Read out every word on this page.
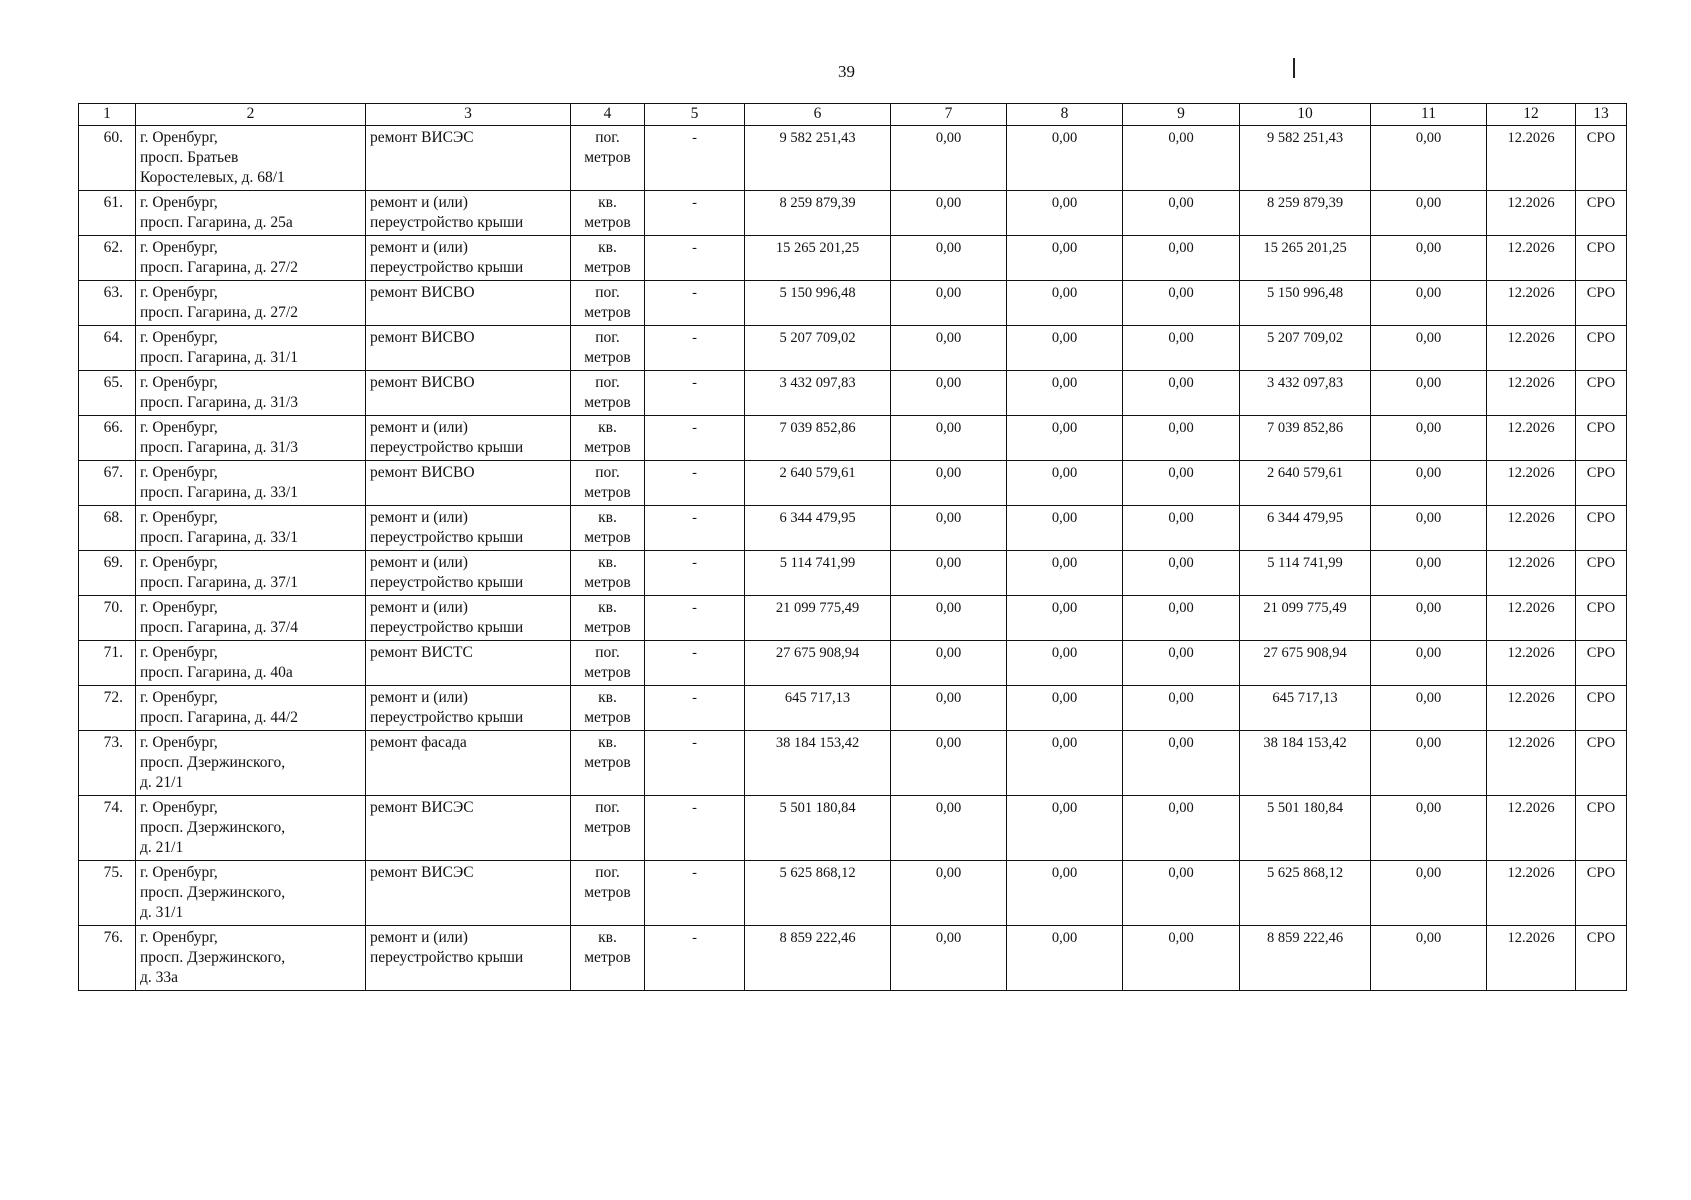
39
1	2	3	4	5	6	7	8	9	10	11	12	13
60.	г. Оренбург,
просп. Братьев
Коростелевых, д. 68/1	ремонт ВИСЭС	пог.
метров	-	9 582 251,43	0,00	0,00	0,00	9 582 251,43	0,00	12.2026	СРО
61.	г. Оренбург,
просп. Гагарина, д. 25а	ремонт и (или)
переустройство крыши	кв.
метров	-	8 259 879,39	0,00	0,00	0,00	8 259 879,39	0,00	12.2026	СРО
62.	г. Оренбург,
просп. Гагарина, д. 27/2	ремонт и (или)
переустройство крыши	кв.
метров	-	15 265 201,25	0,00	0,00	0,00	15 265 201,25	0,00	12.2026	СРО
63.	г. Оренбург,
просп. Гагарина, д. 27/2	ремонт ВИСВО	пог.
метров	-	5 150 996,48	0,00	0,00	0,00	5 150 996,48	0,00	12.2026	СРО
64.	г. Оренбург,
просп. Гагарина, д. 31/1	ремонт ВИСВО	пог.
метров	-	5 207 709,02	0,00	0,00	0,00	5 207 709,02	0,00	12.2026	СРО
65.	г. Оренбург,
просп. Гагарина, д. 31/3	ремонт ВИСВО	пог.
метров	-	3 432 097,83	0,00	0,00	0,00	3 432 097,83	0,00	12.2026	СРО
66.	г. Оренбург,
просп. Гагарина, д. 31/3	ремонт и (или)
переустройство крыши	кв.
метров	-	7 039 852,86	0,00	0,00	0,00	7 039 852,86	0,00	12.2026	СРО
67.	г. Оренбург,
просп. Гагарина, д. 33/1	ремонт ВИСВО	пог.
метров	-	2 640 579,61	0,00	0,00	0,00	2 640 579,61	0,00	12.2026	СРО
68.	г. Оренбург,
просп. Гагарина, д. 33/1	ремонт и (или)
переустройство крыши	кв.
метров	-	6 344 479,95	0,00	0,00	0,00	6 344 479,95	0,00	12.2026	СРО
69.	г. Оренбург,
просп. Гагарина, д. 37/1	ремонт и (или)
переустройство крыши	кв.
метров	-	5 114 741,99	0,00	0,00	0,00	5 114 741,99	0,00	12.2026	СРО
70.	г. Оренбург,
просп. Гагарина, д. 37/4	ремонт и (или)
переустройство крыши	кв.
метров	-	21 099 775,49	0,00	0,00	0,00	21 099 775,49	0,00	12.2026	СРО
71.	г. Оренбург,
просп. Гагарина, д. 40а	ремонт ВИСТС	пог.
метров	-	27 675 908,94	0,00	0,00	0,00	27 675 908,94	0,00	12.2026	СРО
72.	г. Оренбург,
просп. Гагарина, д. 44/2	ремонт и (или)
переустройство крыши	кв.
метров	-	645 717,13	0,00	0,00	0,00	645 717,13	0,00	12.2026	СРО
73.	г. Оренбург,
просп. Дзержинского,
д. 21/1	ремонт фасада	кв.
метров	-	38 184 153,42	0,00	0,00	0,00	38 184 153,42	0,00	12.2026	СРО
74.	г. Оренбург,
просп. Дзержинского,
д. 21/1	ремонт ВИСЭС	пог.
метров	-	5 501 180,84	0,00	0,00	0,00	5 501 180,84	0,00	12.2026	СРО
75.	г. Оренбург,
просп. Дзержинского,
д. 31/1	ремонт ВИСЭС	пог.
метров	-	5 625 868,12	0,00	0,00	0,00	5 625 868,12	0,00	12.2026	СРО
76.	г. Оренбург,
просп. Дзержинского,
д. 33а	ремонт и (или)
переустройство крыши	кв.
метров	-	8 859 222,46	0,00	0,00	0,00	8 859 222,46	0,00	12.2026	СРО
